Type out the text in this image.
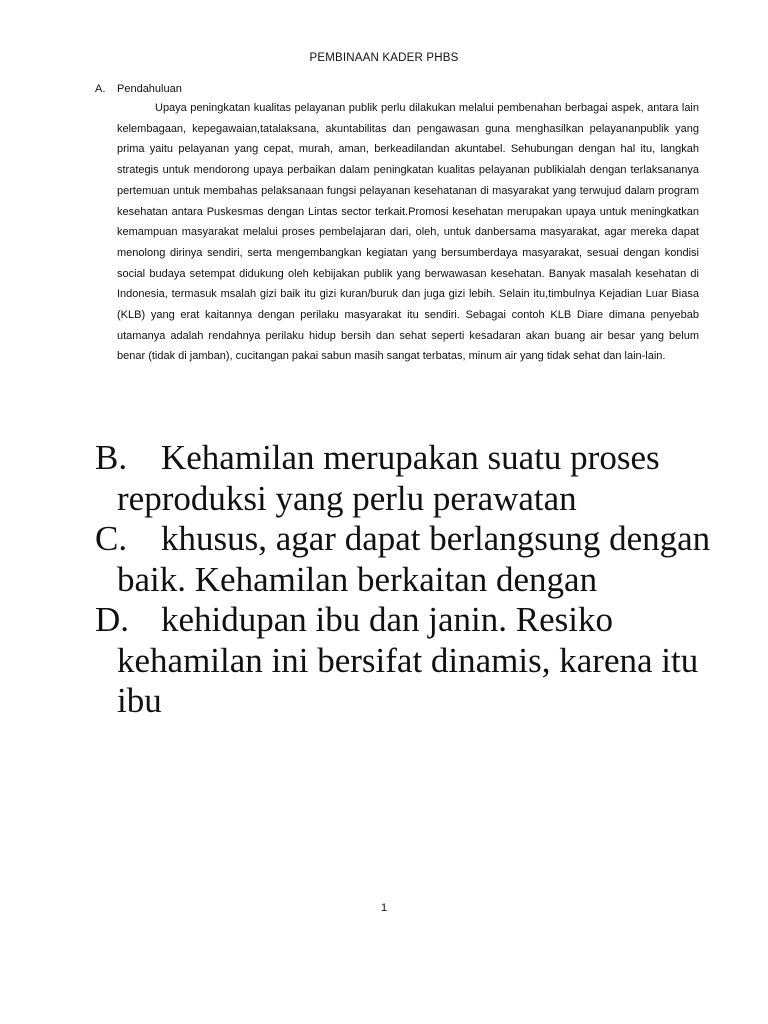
PEMBINAAN KADER PHBS
A.	Pendahuluan

Upaya peningkatan kualitas pelayanan publik perlu dilakukan melalui pembenahan berbagai aspek, antara lain kelembagaan, kepegawaian,tatalaksana, akuntabilitas dan pengawasan guna menghasilkan pelayananpublik yang prima yaitu pelayanan yang cepat, murah, aman, berkeadilandan akuntabel. Sehubungan dengan hal itu, langkah strategis untuk mendorong upaya perbaikan dalam peningkatan kualitas pelayanan publikialah dengan terlaksananya pertemuan untuk membahas pelaksanaan fungsi pelayanan kesehatanan di masyarakat yang terwujud dalam program kesehatan antara Puskesmas dengan Lintas sector terkait.Promosi kesehatan merupakan upaya untuk meningkatkan kemampuan masyarakat melalui proses pembelajaran dari, oleh, untuk danbersama masyarakat, agar mereka dapat menolong dirinya sendiri, serta mengembangkan kegiatan yang bersumberdaya masyarakat, sesuai dengan kondisi social budaya setempat didukung oleh kebijakan publik yang berwawasan kesehatan. Banyak masalah kesehatan di Indonesia, termasuk msalah gizi baik itu gizi kuran/buruk dan juga gizi lebih. Selain itu,timbulnya Kejadian Luar Biasa (KLB) yang erat kaitannya dengan perilaku masyarakat itu sendiri. Sebagai contoh KLB Diare dimana penyebab utamanya adalah rendahnya perilaku hidup bersih dan sehat seperti kesadaran akan buang air besar yang belum benar (tidak di jamban), cucitangan pakai sabun masih sangat terbatas, minum air yang tidak sehat dan lain-lain.

B. Kehamilan merupakan suatu proses reproduksi yang perlu perawatan
C. khusus, agar dapat berlangsung dengan baik. Kehamilan berkaitan dengan
D. kehidupan ibu dan janin. Resiko kehamilan ini bersifat dinamis, karena itu ibu
1
